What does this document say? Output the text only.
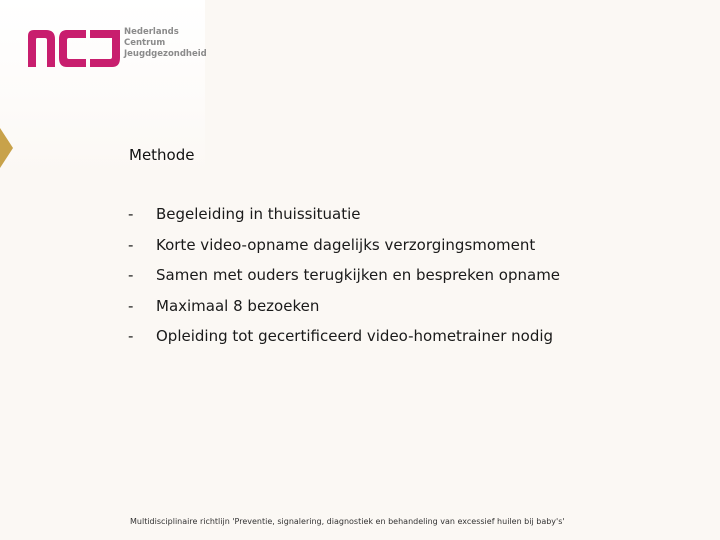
Nederlands
Centrum
Jeugdgezondheid
Methode
-	Begeleiding in thuissituatie
-	Korte video-opname dagelijks verzorgingsmoment
-	Samen met ouders terugkijken en bespreken opname
-	Maximaal 8 bezoeken
-	Opleiding tot gecertificeerd video-hometrainer nodig
Multidisciplinaire richtlijn 'Preventie, signalering, diagnostiek en behandeling van excessief huilen bij baby's'
